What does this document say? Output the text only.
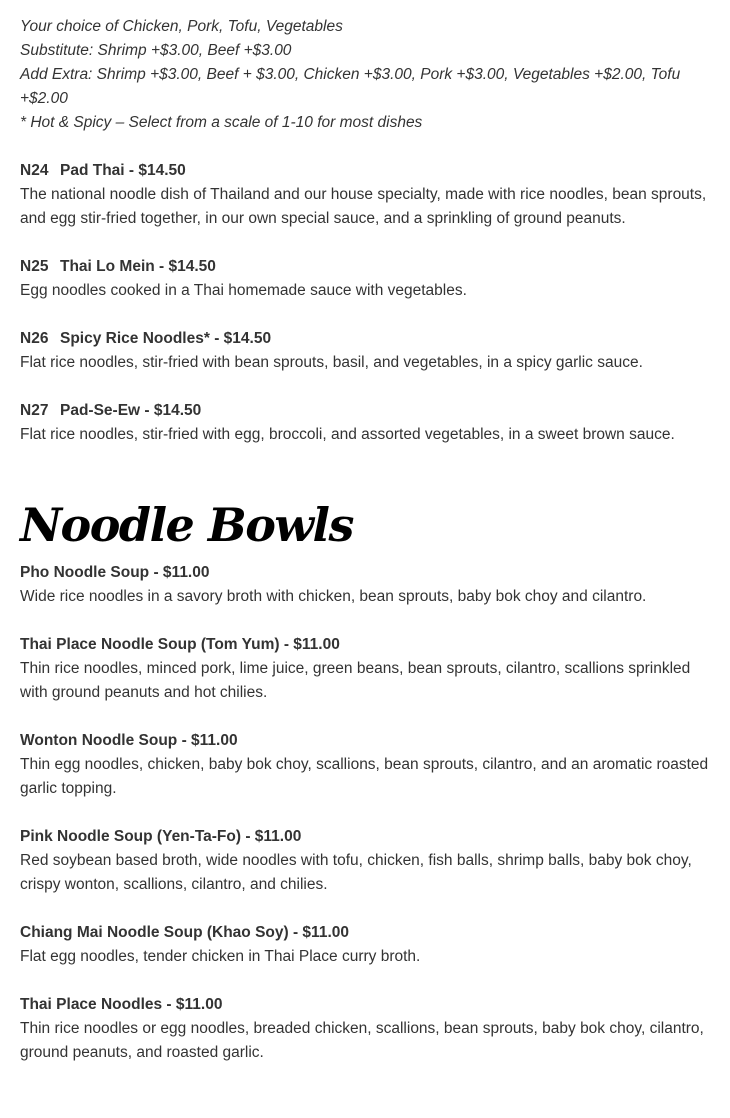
Your choice of Chicken, Pork, Tofu, Vegetables
Substitute: Shrimp +$3.00, Beef +$3.00
Add Extra: Shrimp +$3.00, Beef + $3.00, Chicken +$3.00, Pork +$3.00, Vegetables +$2.00, Tofu +$2.00
* Hot & Spicy – Select from a scale of 1-10 for most dishes
N24 Pad Thai - $14.50
The national noodle dish of Thailand and our house specialty, made with rice noodles, bean sprouts, and egg stir-fried together, in our own special sauce, and a sprinkling of ground peanuts.
N25 Thai Lo Mein - $14.50
Egg noodles cooked in a Thai homemade sauce with vegetables.
N26 Spicy Rice Noodles* - $14.50
Flat rice noodles, stir-fried with bean sprouts, basil, and vegetables, in a spicy garlic sauce.
N27 Pad-Se-Ew - $14.50
Flat rice noodles, stir-fried with egg, broccoli, and assorted vegetables, in a sweet brown sauce.
Noodle Bowls
Pho Noodle Soup - $11.00
Wide rice noodles in a savory broth with chicken, bean sprouts, baby bok choy and cilantro.
Thai Place Noodle Soup (Tom Yum) - $11.00
Thin rice noodles, minced pork, lime juice, green beans, bean sprouts, cilantro, scallions sprinkled with ground peanuts and hot chilies.
Wonton Noodle Soup - $11.00
Thin egg noodles, chicken, baby bok choy, scallions, bean sprouts, cilantro, and an aromatic roasted garlic topping.
Pink Noodle Soup (Yen-Ta-Fo) - $11.00
Red soybean based broth, wide noodles with tofu, chicken, fish balls, shrimp balls, baby bok choy, crispy wonton, scallions, cilantro, and chilies.
Chiang Mai Noodle Soup (Khao Soy) - $11.00
Flat egg noodles, tender chicken in Thai Place curry broth.
Thai Place Noodles - $11.00
Thin rice noodles or egg noodles, breaded chicken, scallions, bean sprouts, baby bok choy, cilantro, ground peanuts, and roasted garlic.
